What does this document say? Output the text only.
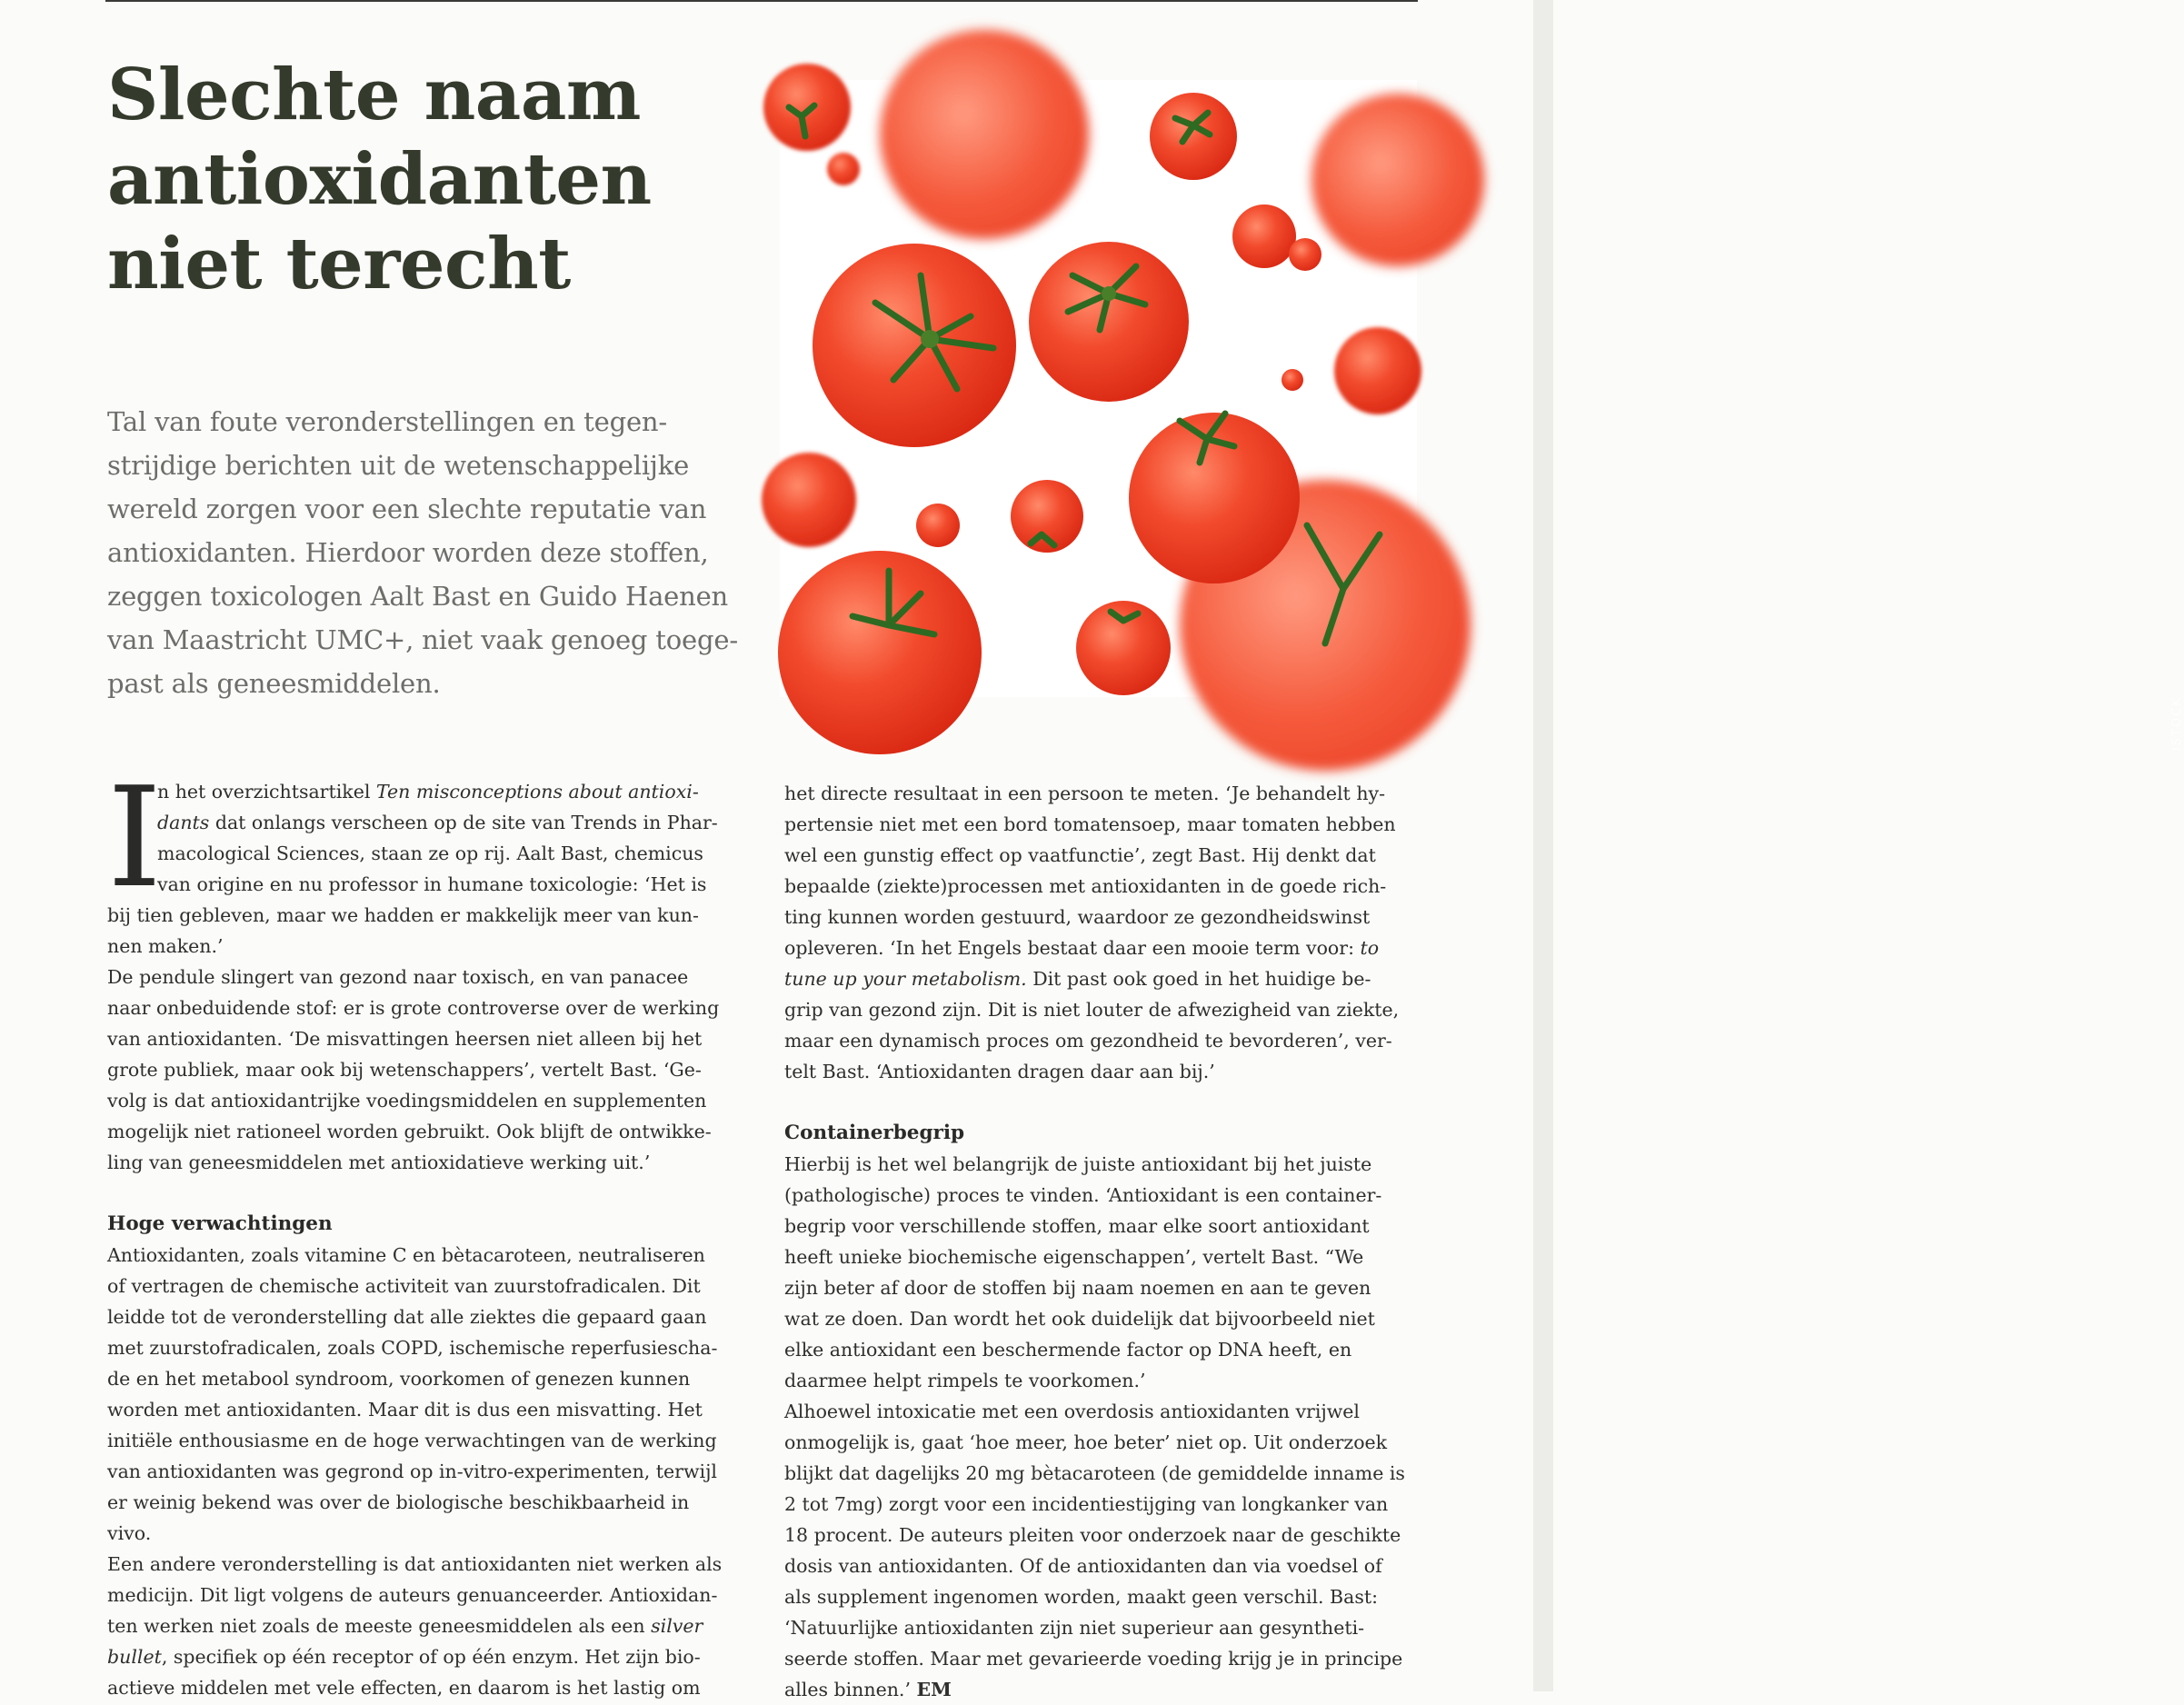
Slechte naam
antioxidanten
niet terecht

Tal van foute veronderstellingen en tegen-
strijdige berichten uit de wetenschappelijke
wereld zorgen voor een slechte reputatie van
antioxidanten. Hierdoor worden deze stoffen,
zeggen toxicologen Aalt Bast en Guido Haenen
van Maastricht UMC+, niet vaak genoeg toege-
past als geneesmiddelen.

ISTOCK
I
n het overzichtsartikel Ten misconceptions about antioxi-
dants dat onlangs verscheen op de site van Trends in Phar-
macological Sciences, staan ze op rij. Aalt Bast, chemicus
van origine en nu professor in humane toxicologie: ‘Het is
bij tien gebleven, maar we hadden er makkelijk meer van kun-
nen maken.’
De pendule slingert van gezond naar toxisch, en van panacee
naar onbeduidende stof: er is grote controverse over de werking
van antioxidanten. ‘De misvattingen heersen niet alleen bij het
grote publiek, maar ook bij wetenschappers’, vertelt Bast. ‘Ge-
volg is dat antioxidantrijke voedingsmiddelen en supplementen
mogelijk niet rationeel worden gebruikt. Ook blijft de ontwikke-
ling van geneesmiddelen met antioxidatieve werking uit.’
Hoge verwachtingen
Antioxidanten, zoals vitamine C en bètacaroteen, neutraliseren
of vertragen de chemische activiteit van zuurstofradicalen. Dit
leidde tot de veronderstelling dat alle ziektes die gepaard gaan
met zuurstofradicalen, zoals COPD, ischemische reperfusiescha-
de en het metabool syndroom, voorkomen of genezen kunnen
worden met antioxidanten. Maar dit is dus een misvatting. Het
initiële enthousiasme en de hoge verwachtingen van de werking
van antioxidanten was gegrond op in-vitro-experimenten, terwijl
er weinig bekend was over de biologische beschikbaarheid in
vivo.
Een andere veronderstelling is dat antioxidanten niet werken als
medicijn. Dit ligt volgens de auteurs genuanceerder. Antioxidan-
ten werken niet zoals de meeste geneesmiddelen als een silver
bullet, specifiek op één receptor of op één enzym. Het zijn bio-
actieve middelen met vele effecten, en daarom is het lastig om
het directe resultaat in een persoon te meten. ‘Je behandelt hy-
pertensie niet met een bord tomatensoep, maar tomaten hebben
wel een gunstig effect op vaatfunctie’, zegt Bast. Hij denkt dat
bepaalde (ziekte)processen met antioxidanten in de goede rich-
ting kunnen worden gestuurd, waardoor ze gezondheidswinst
opleveren. ‘In het Engels bestaat daar een mooie term voor: to
tune up your metabolism. Dit past ook goed in het huidige be-
grip van gezond zijn. Dit is niet louter de afwezigheid van ziekte,
maar een dynamisch proces om gezondheid te bevorderen’, ver-
telt Bast. ‘Antioxidanten dragen daar aan bij.’
Containerbegrip
Hierbij is het wel belangrijk de juiste antioxidant bij het juiste
(pathologische) proces te vinden. ‘Antioxidant is een container-
begrip voor verschillende stoffen, maar elke soort antioxidant
heeft unieke biochemische eigenschappen’, vertelt Bast. “We
zijn beter af door de stoffen bij naam noemen en aan te geven
wat ze doen. Dan wordt het ook duidelijk dat bijvoorbeeld niet
elke antioxidant een beschermende factor op DNA heeft, en
daarmee helpt rimpels te voorkomen.’
Alhoewel intoxicatie met een overdosis antioxidanten vrijwel
onmogelijk is, gaat ‘hoe meer, hoe beter’ niet op. Uit onderzoek
blijkt dat dagelijks 20 mg bètacaroteen (de gemiddelde inname is
2 tot 7mg) zorgt voor een incidentiestijging van longkanker van
18 procent. De auteurs pleiten voor onderzoek naar de geschikte
dosis van antioxidanten. Of de antioxidanten dan via voedsel of
als supplement ingenomen worden, maakt geen verschil. Bast:
‘Natuurlijke antioxidanten zijn niet superieur aan gesyntheti-
seerde stoffen. Maar met gevarieerde voeding krijg je in principe
alles binnen.’ EM
